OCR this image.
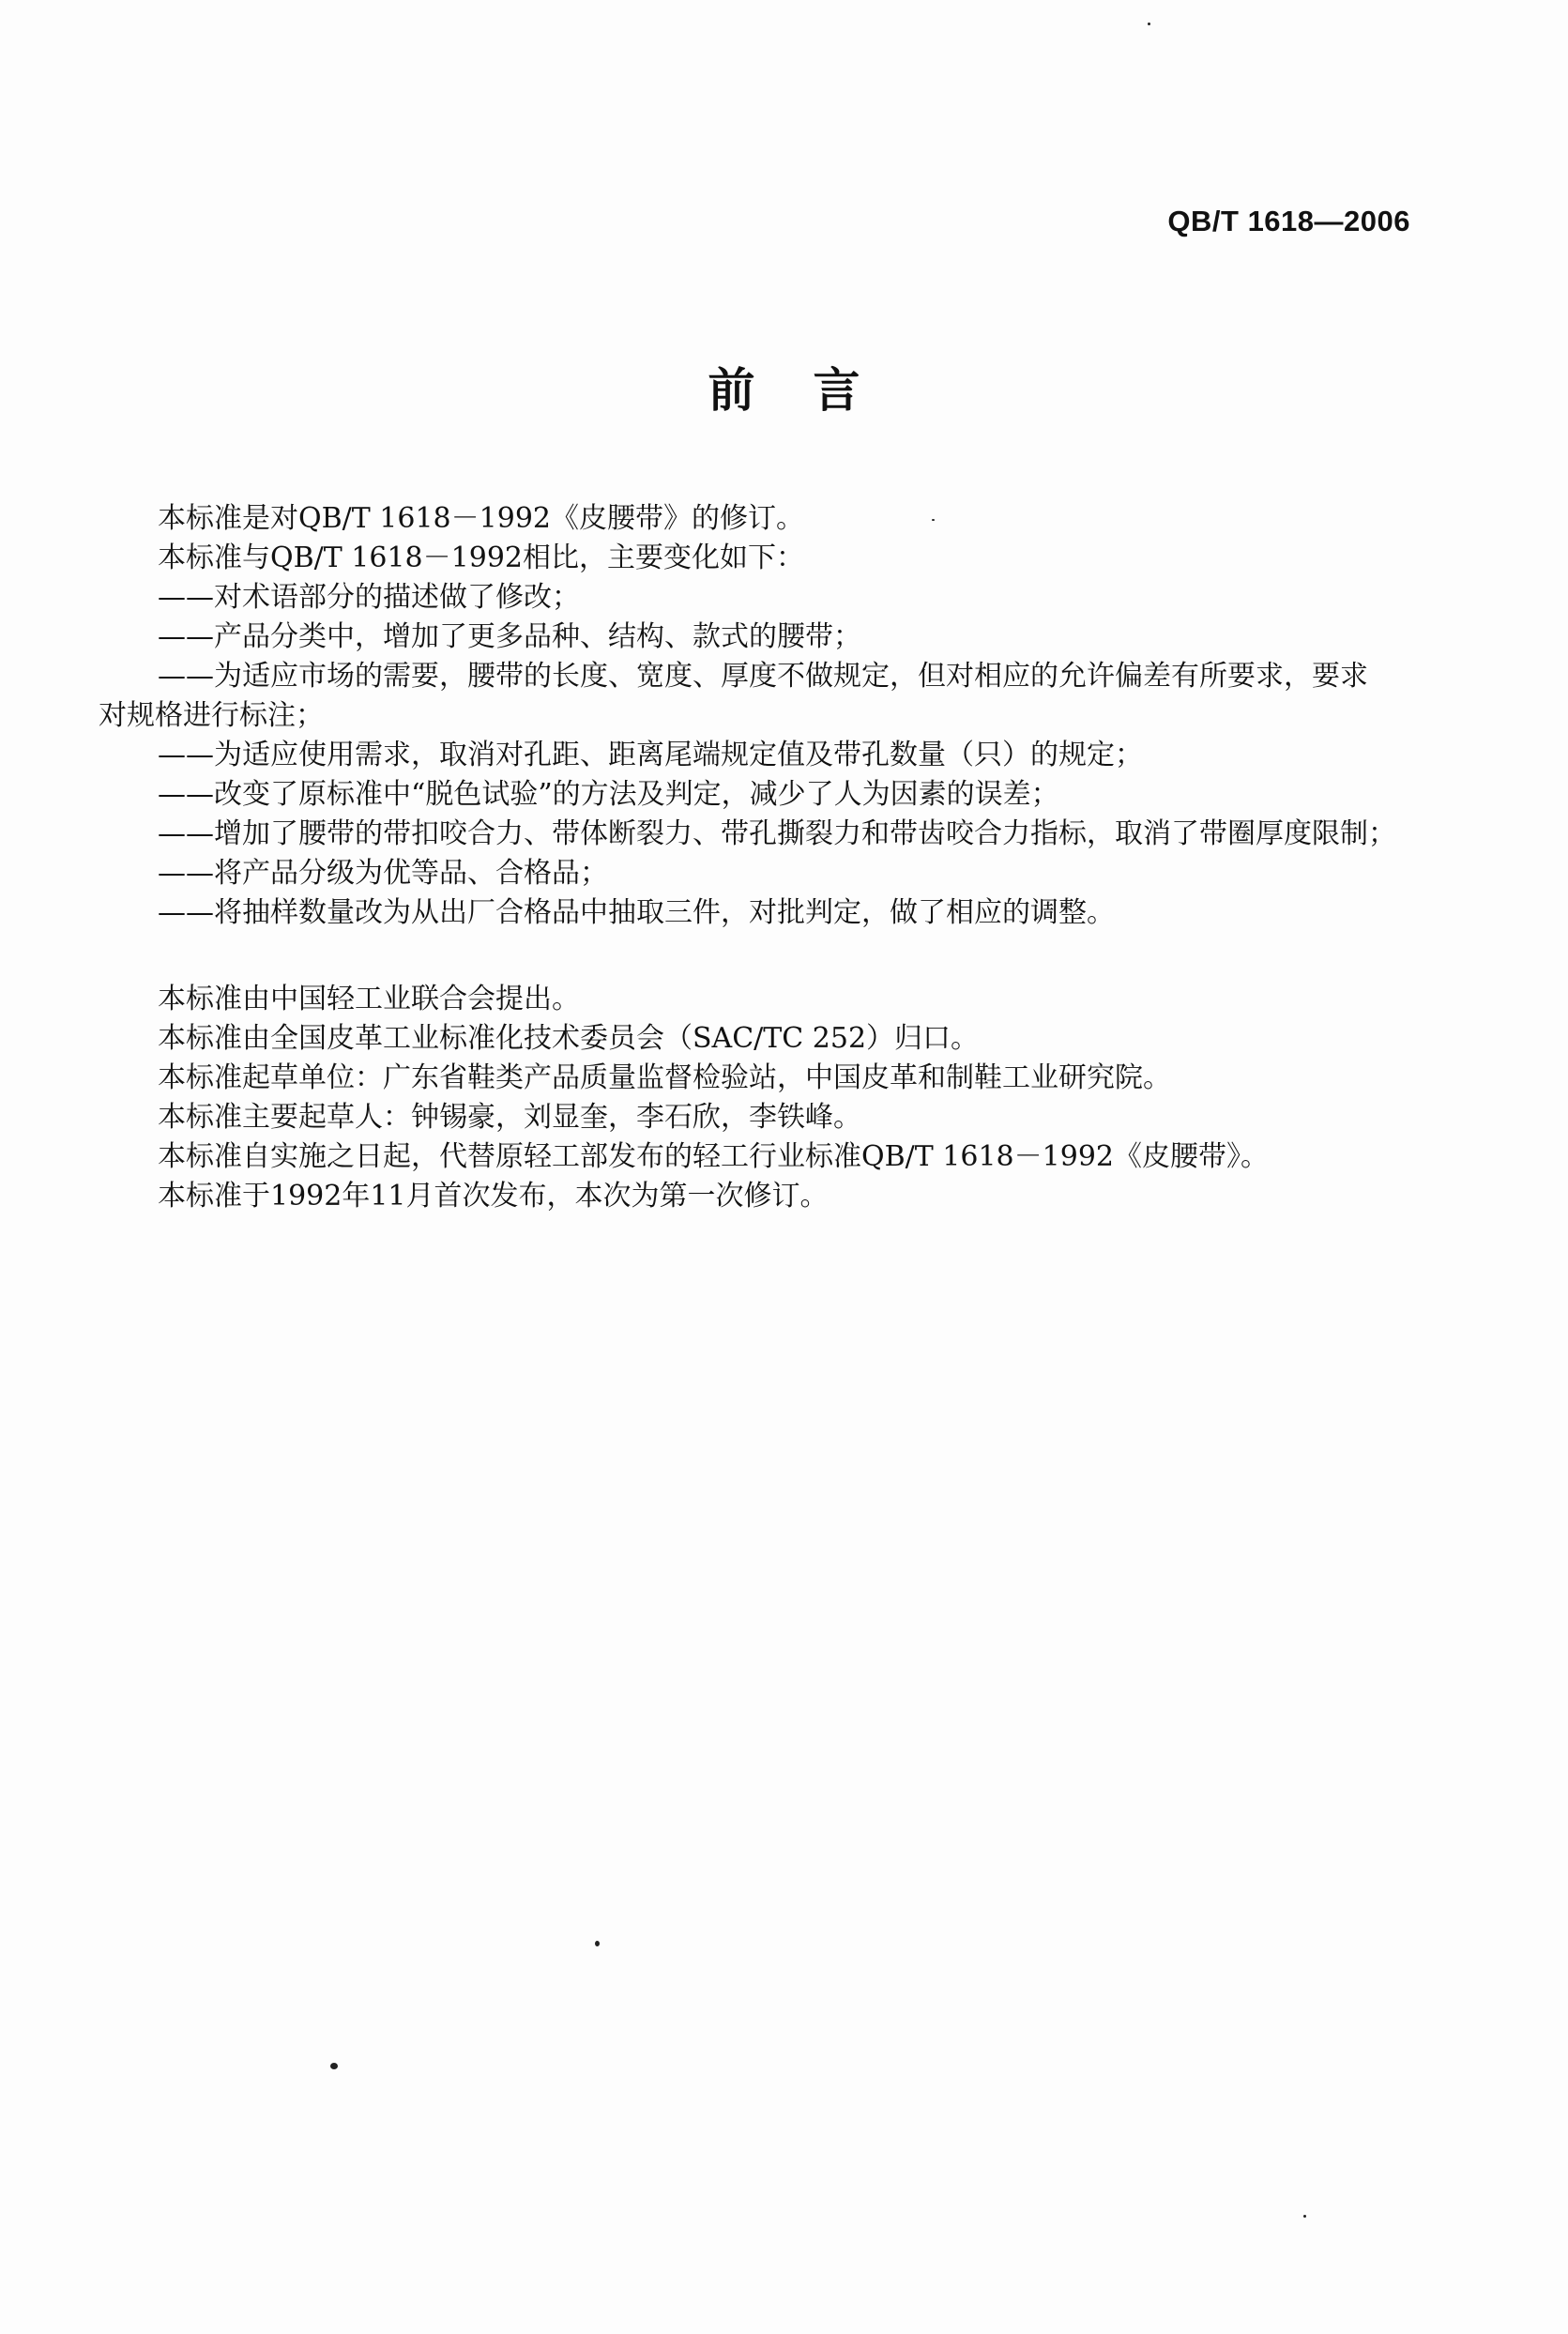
QB/T 1618—2006
前言
本标准是对QB/T 1618－1992《皮腰带》的修订。
本标准与QB/T 1618－1992相比，主要变化如下：
——对术语部分的描述做了修改；
——产品分类中，增加了更多品种、结构、款式的腰带；
——为适应市场的需要，腰带的长度、宽度、厚度不做规定，但对相应的允许偏差有所要求，要求
对规格进行标注；
——为适应使用需求，取消对孔距、距离尾端规定值及带孔数量（只）的规定；
——改变了原标准中“脱色试验”的方法及判定，减少了人为因素的误差；
——增加了腰带的带扣咬合力、带体断裂力、带孔撕裂力和带齿咬合力指标，取消了带圈厚度限制；
——将产品分级为优等品、合格品；
——将抽样数量改为从出厂合格品中抽取三件，对批判定，做了相应的调整。
本标准由中国轻工业联合会提出。
本标准由全国皮革工业标准化技术委员会（SAC/TC 252）归口。
本标准起草单位：广东省鞋类产品质量监督检验站，中国皮革和制鞋工业研究院。
本标准主要起草人：钟锡豪，刘显奎，李石欣，李铁峰。
本标准自实施之日起，代替原轻工部发布的轻工行业标准QB/T 1618－1992《皮腰带》。
本标准于1992年11月首次发布，本次为第一次修订。
